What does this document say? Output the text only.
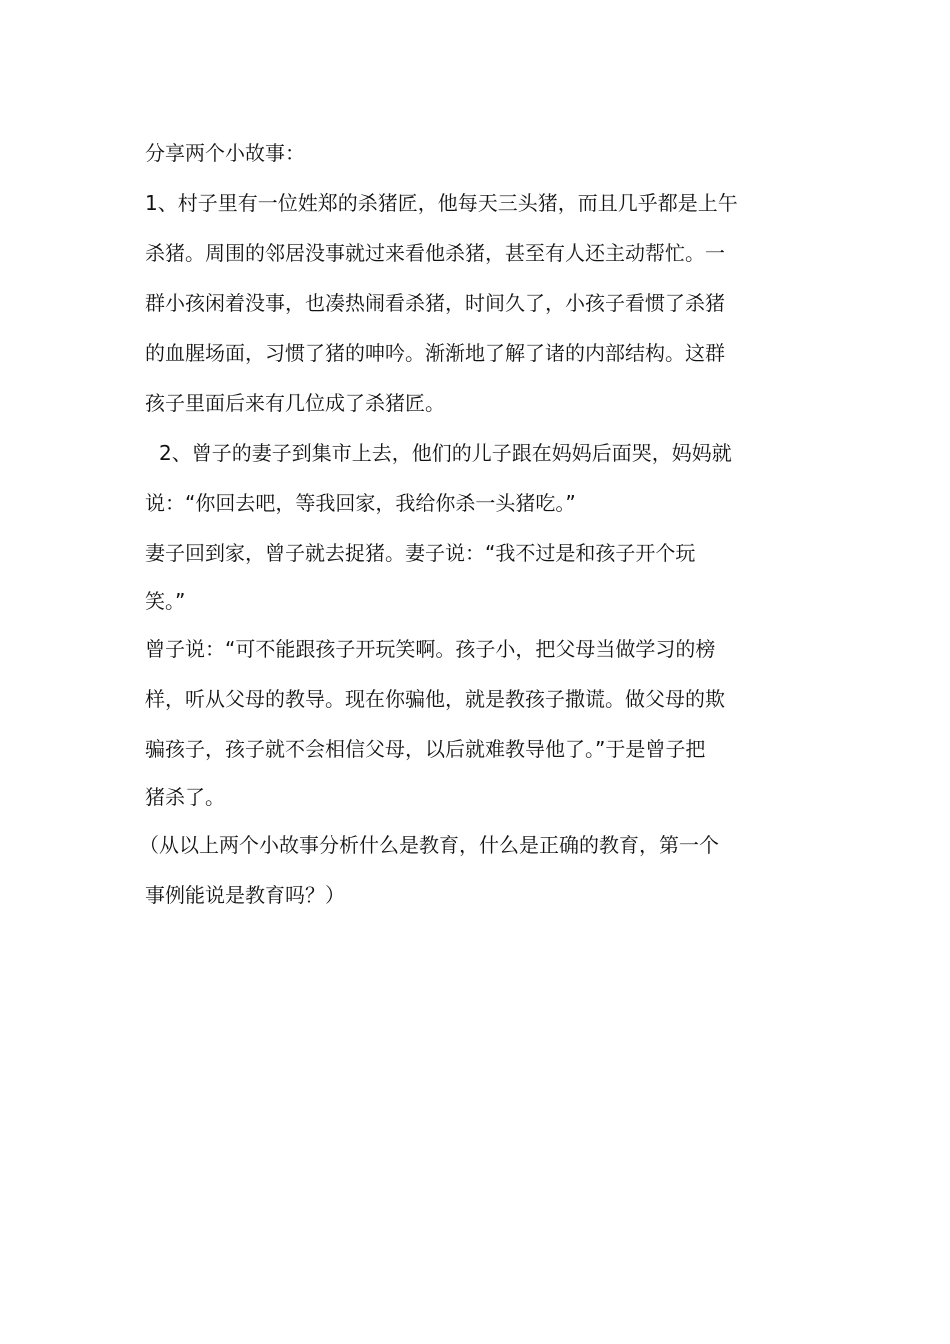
分享两个小故事：
1、村子里有一位姓郑的杀猪匠，他每天三头猪，而且几乎都是上午
杀猪。周围的邻居没事就过来看他杀猪，甚至有人还主动帮忙。一
群小孩闲着没事，也凑热闹看杀猪，时间久了，小孩子看惯了杀猪
的血腥场面，习惯了猪的呻吟。渐渐地了解了诸的内部结构。这群
孩子里面后来有几位成了杀猪匠。
2、曾子的妻子到集市上去，他们的儿子跟在妈妈后面哭，妈妈就
说：“你回去吧，等我回家，我给你杀一头猪吃。”
妻子回到家，曾子就去捉猪。妻子说：“我不过是和孩子开个玩
笑。”
曾子说：“可不能跟孩子开玩笑啊。孩子小，把父母当做学习的榜
样，听从父母的教导。现在你骗他，就是教孩子撒谎。做父母的欺
骗孩子，孩子就不会相信父母，以后就难教导他了。”于是曾子把
猪杀了。
（从以上两个小故事分析什么是教育，什么是正确的教育，第一个
事例能说是教育吗？）
